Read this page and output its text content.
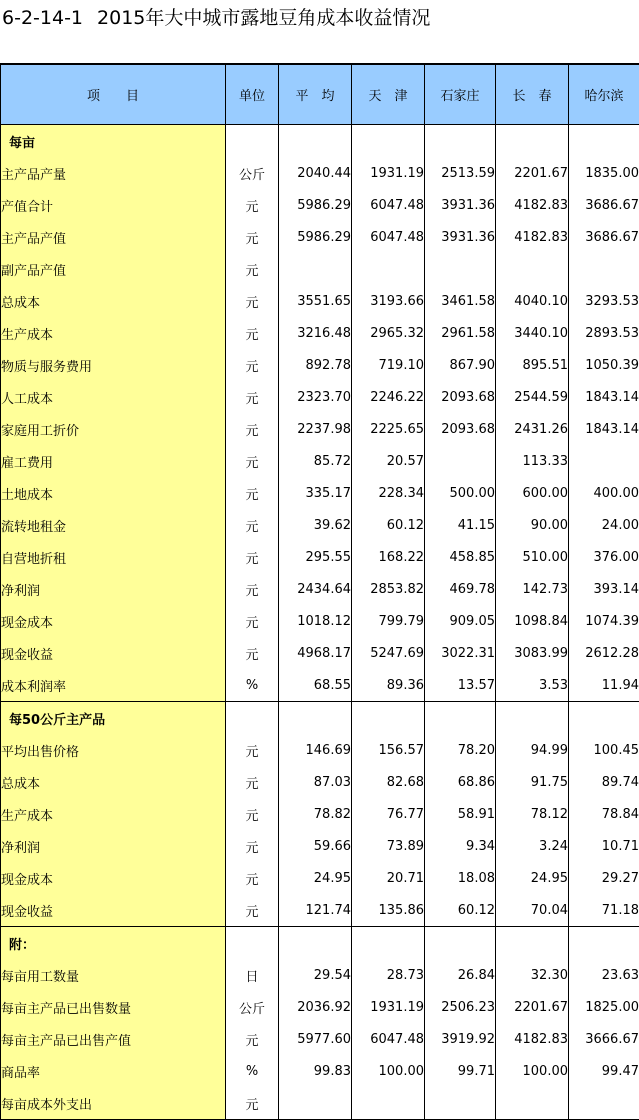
6-2-14-1 2015年大中城市露地豆角成本收益情况
项　　目	单位	平　均	天　津	石家庄	长　春	哈尔滨
每亩						
主产品产量	公斤	2040.44	1931.19	2513.59	2201.67	1835.00
产值合计	元	5986.29	6047.48	3931.36	4182.83	3686.67
主产品产值	元	5986.29	6047.48	3931.36	4182.83	3686.67
副产品产值	元					
总成本	元	3551.65	3193.66	3461.58	4040.10	3293.53
生产成本	元	3216.48	2965.32	2961.58	3440.10	2893.53
物质与服务费用	元	892.78	719.10	867.90	895.51	1050.39
人工成本	元	2323.70	2246.22	2093.68	2544.59	1843.14
家庭用工折价	元	2237.98	2225.65	2093.68	2431.26	1843.14
雇工费用	元	85.72	20.57		113.33	
土地成本	元	335.17	228.34	500.00	600.00	400.00
流转地租金	元	39.62	60.12	41.15	90.00	24.00
自营地折租	元	295.55	168.22	458.85	510.00	376.00
净利润	元	2434.64	2853.82	469.78	142.73	393.14
现金成本	元	1018.12	799.79	909.05	1098.84	1074.39
现金收益	元	4968.17	5247.69	3022.31	3083.99	2612.28
成本利润率	%	68.55	89.36	13.57	3.53	11.94
每50公斤主产品						
平均出售价格	元	146.69	156.57	78.20	94.99	100.45
总成本	元	87.03	82.68	68.86	91.75	89.74
生产成本	元	78.82	76.77	58.91	78.12	78.84
净利润	元	59.66	73.89	9.34	3.24	10.71
现金成本	元	24.95	20.71	18.08	24.95	29.27
现金收益	元	121.74	135.86	60.12	70.04	71.18
附：						
每亩用工数量	日	29.54	28.73	26.84	32.30	23.63
每亩主产品已出售数量	公斤	2036.92	1931.19	2506.23	2201.67	1825.00
每亩主产品已出售产值	元	5977.60	6047.48	3919.92	4182.83	3666.67
商品率	%	99.83	100.00	99.71	100.00	99.47
每亩成本外支出	元					
